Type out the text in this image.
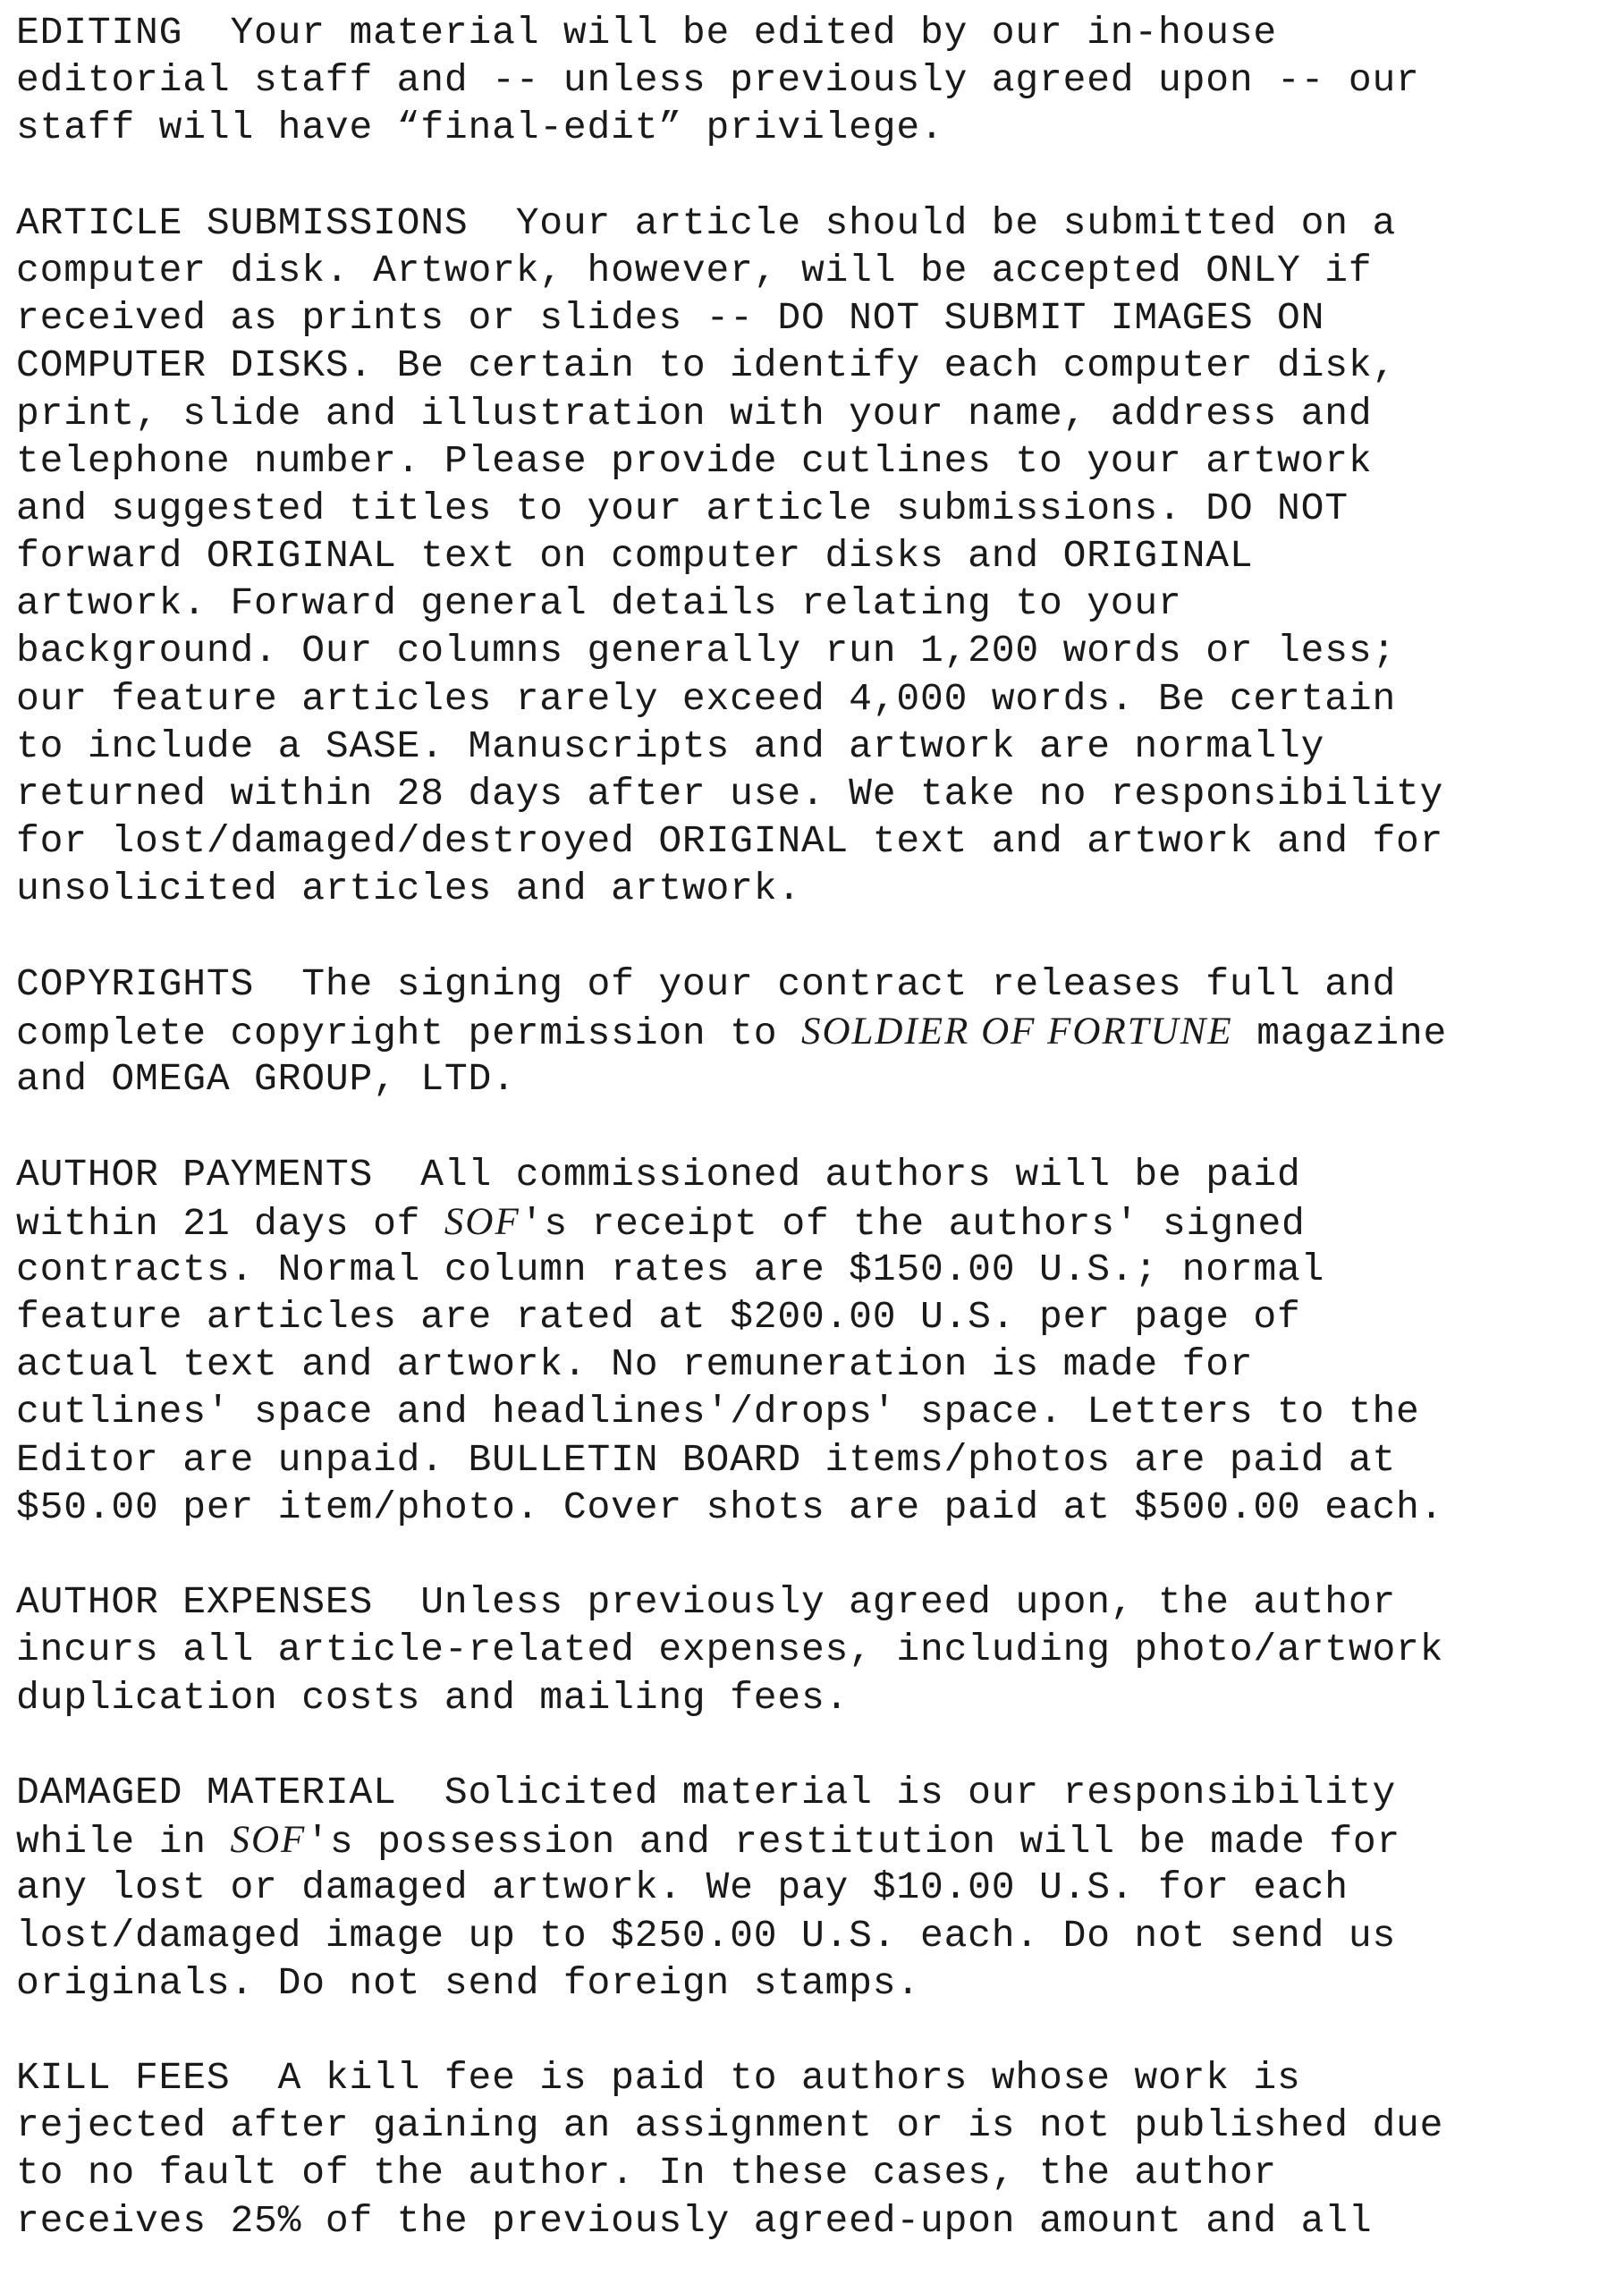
EDITING  Your material will be edited by our in-house
editorial staff and -- unless previously agreed upon -- our
staff will have “final-edit” privilege.
ARTICLE SUBMISSIONS  Your article should be submitted on a
computer disk. Artwork, however, will be accepted ONLY if
received as prints or slides -- DO NOT SUBMIT IMAGES ON
COMPUTER DISKS. Be certain to identify each computer disk,
print, slide and illustration with your name, address and
telephone number. Please provide cutlines to your artwork
and suggested titles to your article submissions. DO NOT
forward ORIGINAL text on computer disks and ORIGINAL
artwork. Forward general details relating to your
background. Our columns generally run 1,200 words or less;
our feature articles rarely exceed 4,000 words. Be certain
to include a SASE. Manuscripts and artwork are normally
returned within 28 days after use. We take no responsibility
for lost/damaged/destroyed ORIGINAL text and artwork and for
unsolicited articles and artwork.
COPYRIGHTS  The signing of your contract releases full and
complete copyright permission to SOLDIER OF FORTUNE magazine
and OMEGA GROUP, LTD.
AUTHOR PAYMENTS  All commissioned authors will be paid
within 21 days of SOF's receipt of the authors' signed
contracts. Normal column rates are $150.00 U.S.; normal
feature articles are rated at $200.00 U.S. per page of
actual text and artwork. No remuneration is made for
cutlines' space and headlines'/drops' space. Letters to the
Editor are unpaid. BULLETIN BOARD items/photos are paid at
$50.00 per item/photo. Cover shots are paid at $500.00 each.
AUTHOR EXPENSES  Unless previously agreed upon, the author
incurs all article-related expenses, including photo/artwork
duplication costs and mailing fees.
DAMAGED MATERIAL  Solicited material is our responsibility
while in SOF's possession and restitution will be made for
any lost or damaged artwork. We pay $10.00 U.S. for each
lost/damaged image up to $250.00 U.S. each. Do not send us
originals. Do not send foreign stamps.
KILL FEES  A kill fee is paid to authors whose work is
rejected after gaining an assignment or is not published due
to no fault of the author. In these cases, the author
receives 25% of the previously agreed-upon amount and all
